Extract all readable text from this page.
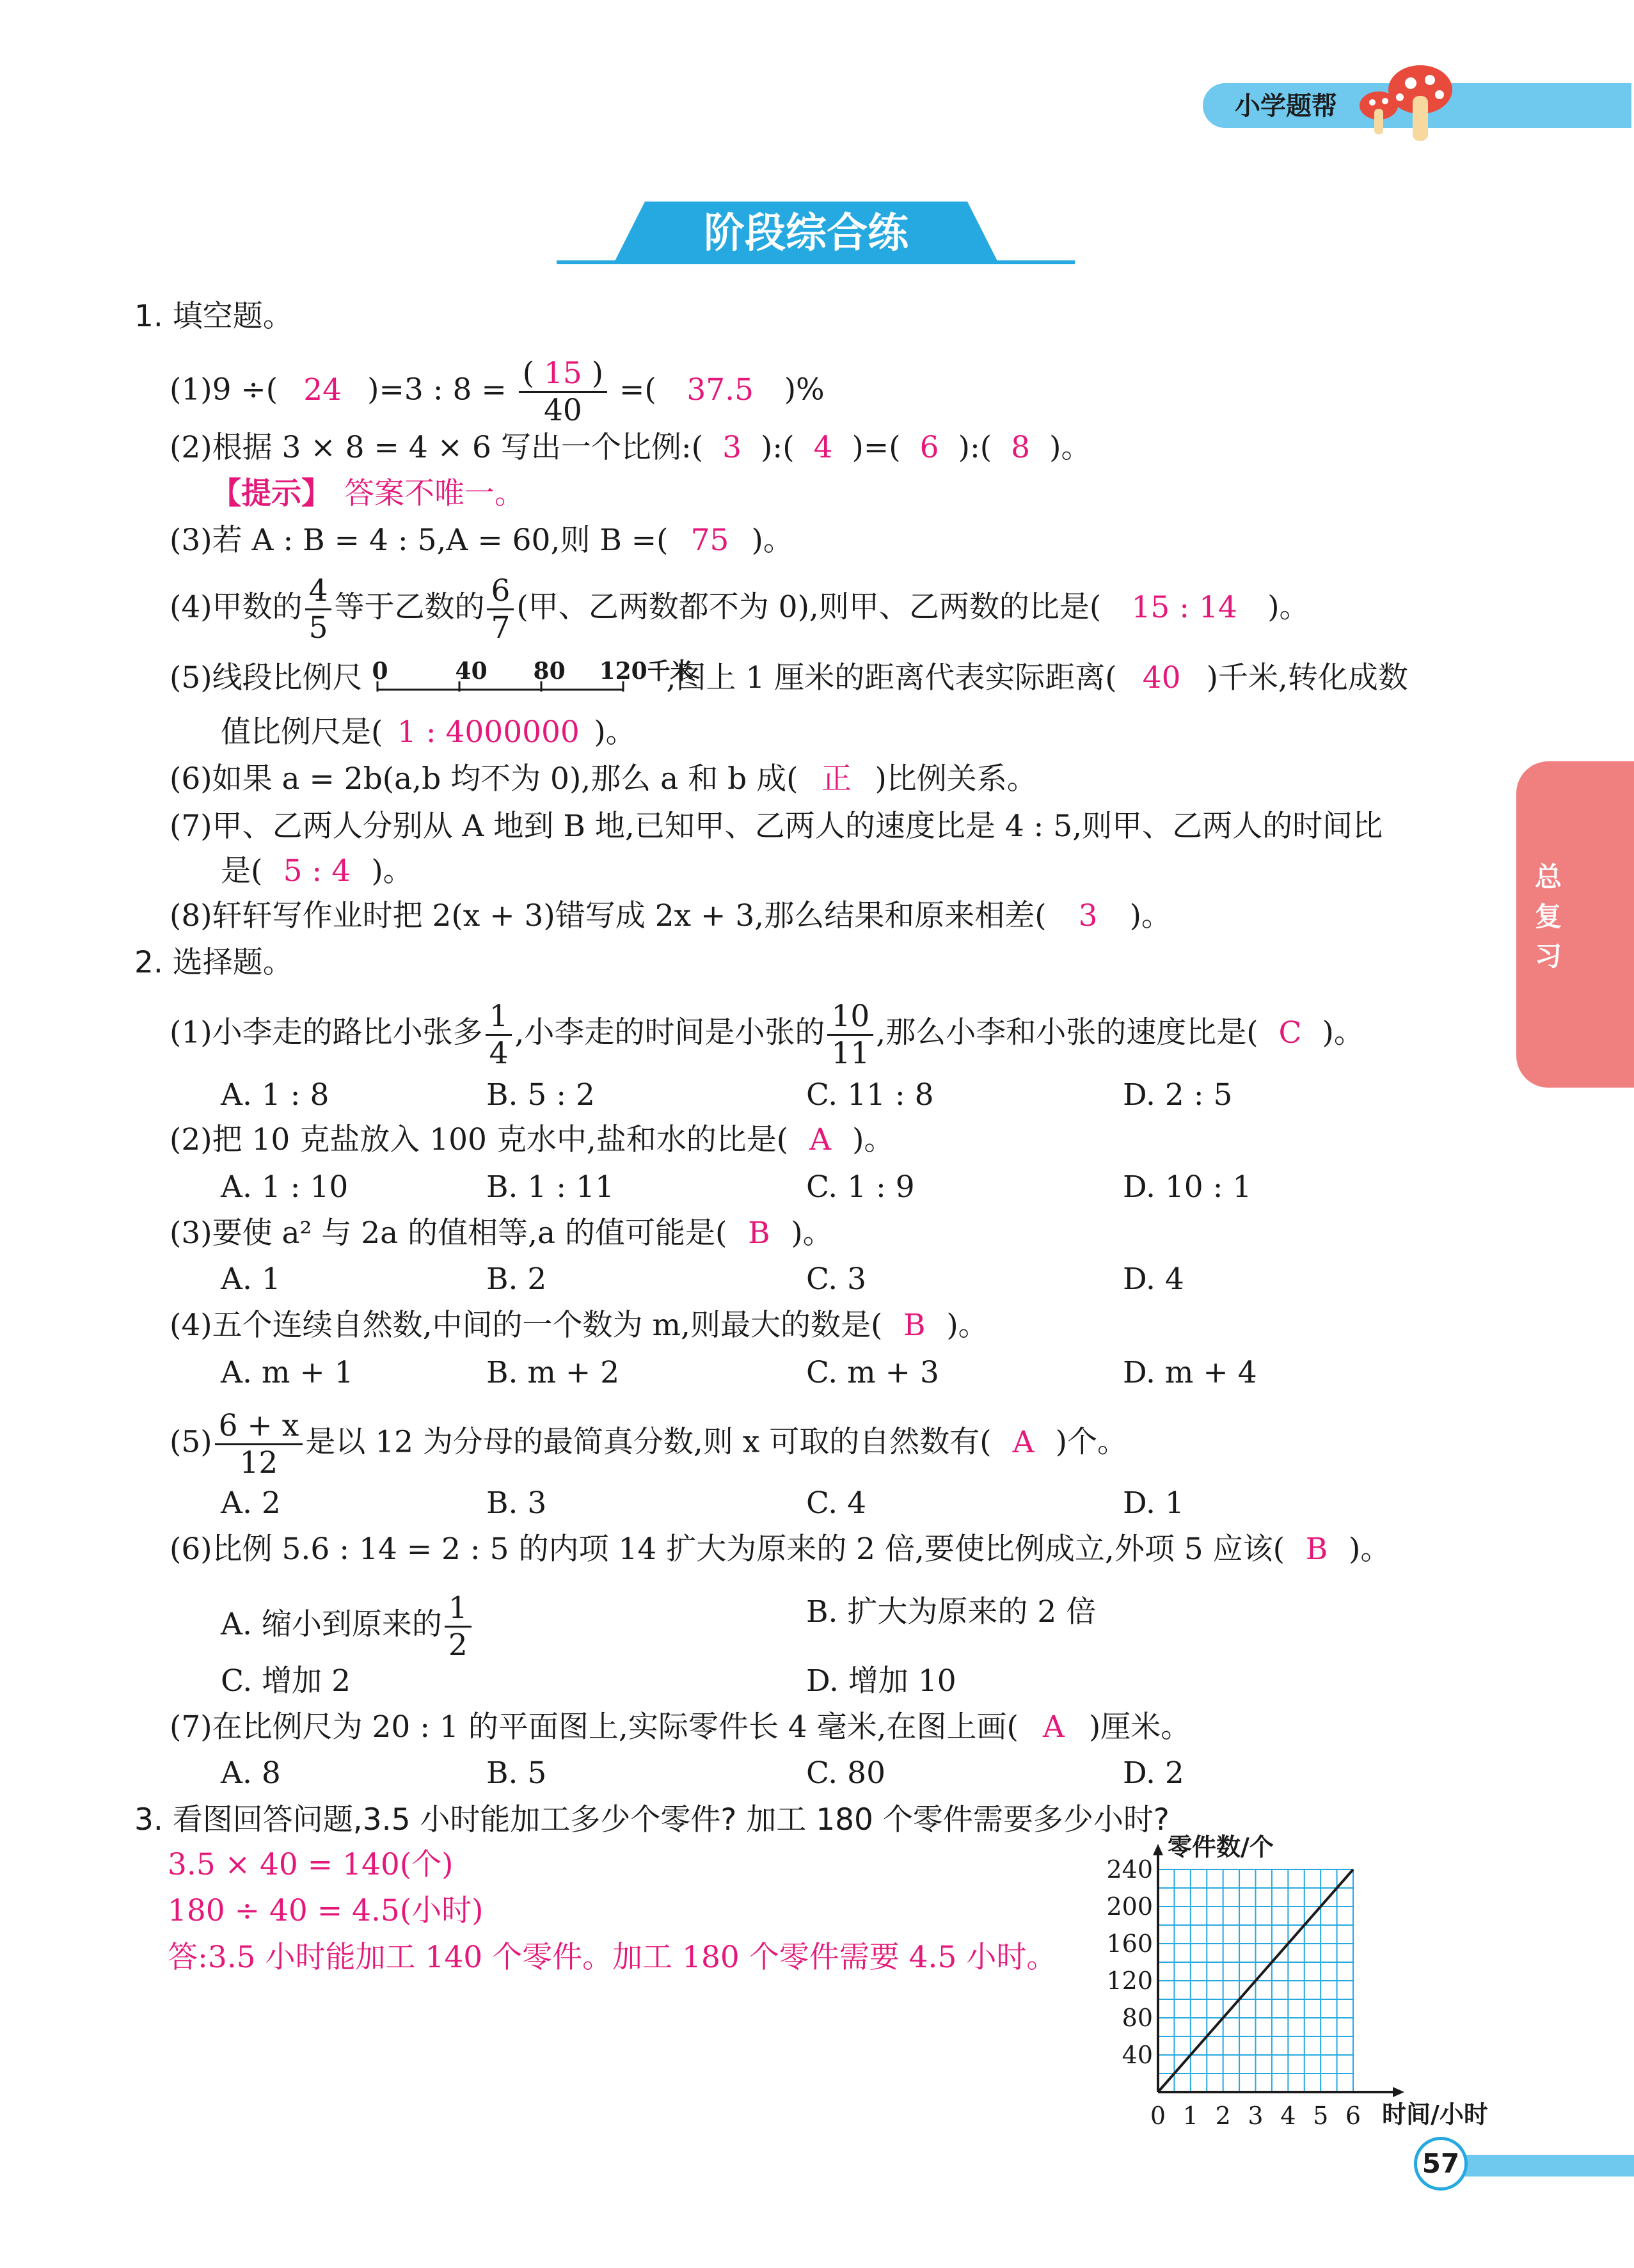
小学题帮
阶段综合练
总复习
1. 填空题。
(1)9 ÷( 24 )=3 : $8 = \frac{( 15 )}{40}$ =( 37.5 )%
(2)根据 3 × 8 = 4 × 6 写出一个比例:( 3 ):( 4 )=( 6 ):( 8 )。
【提示】 答案不唯一。
(3)若 A : B = 4 : 5,A = 60,则 B =( 75 )。
(4)甲数的 $\frac{4}{5}$ 等于乙数的 $\frac{6}{7}$ (甲、乙两数都不为 0),则甲、乙两数的比是( 15 : 14 )。
(5)线段比例尺 0	40 80 120千米
,图上 1 厘米的距离代表实际距离( 40 )千米,转化成数
值比例尺是( 1 : 4000000 )。
(6)如果 a = 2b(a,b 均不为 0),那么 a 和 b 成( 正 )比例关系。
(7)甲、乙两人分别从 A 地到 B 地,已知甲、乙两人的速度比是 4 : 5,则甲、乙两人的时间比
是( 5 : 4 )。
(8)轩轩写作业时把 2(x + 3)错写成 2x + 3,那么结果和原来相差( 3 )。
2. 选择题。
(1)小李走的路比小张多 $\frac{1}{4}$ ,小李走的时间是小张的 $\frac{10}{11}$ ,那么小李和小张的速度比是( C )。
A. 1 : 8	B. 5 : 2	C. 11 : 8	D. 2 : 5
(2)把 10 克盐放入 100 克水中,盐和水的比是( A )。
A. 1 : 10	B. 1 : 11	C. 1 : 9	D. 10 : 1
(3)要使 a² 与 2a 的值相等,a 的值可能是( B )。
A. 1	B. 2	C. 3	D. 4
(4)五个连续自然数,中间的一个数为 m,则最大的数是( B )。
A. m + 1	B. m + 2	C. m + 3	D. m + 4
$(5) \frac{6 + x}{12}$ 是以 12 为分母的最简真分数,则 x 可取的自然数有( A )个。
A. 2	B. 3	C. 4	D. 1
(6)比例 5.6 : 14 = 2 : 5 的内项 14 扩大为原来的 2 倍,要使比例成立,外项 5 应该( B )。
A. 缩小到原来的 $\frac{1}{2}$	B. 扩大为原来的 2 倍
C. 增加 2	D. 增加 10
(7)在比例尺为 20 : 1 的平面图上,实际零件长 4 毫米,在图上画( A )厘米。
A. 8	B. 5	C. 80	D. 2
3. 看图回答问题,3.5 小时能加工多少个零件? 加工 180 个零件需要多少小时?
3.5 × 40 = 140(个)
180 ÷ 40 = 4.5(小时)
答:3.5 小时能加工 140 个零件。加工 180 个零件需要 4.5 小时。
0 1 2 3 4 5 6
40
80
120
160
200
240
零件数/个
时间/小时
57
